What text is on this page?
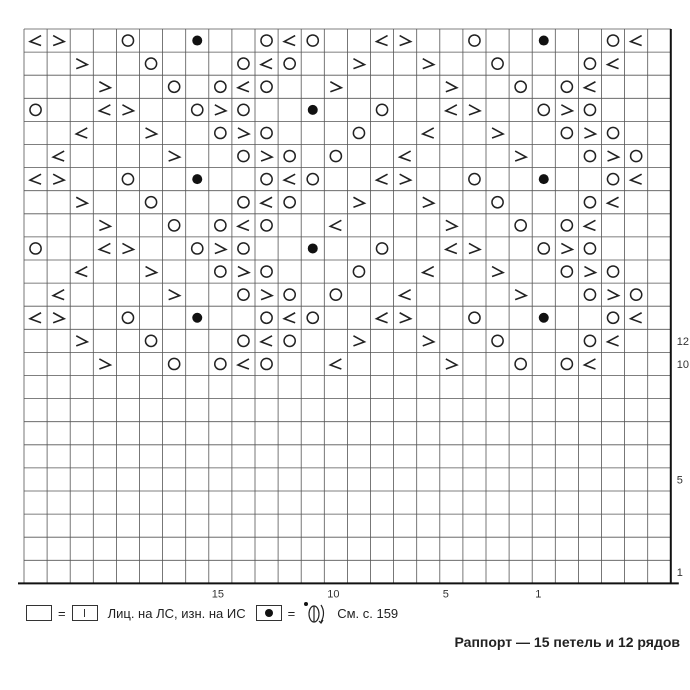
1
5
10
12
15	10	5	1
=	Лиц. на ЛС, изн. на ИС	=	См. с. 159
Раппорт — 15 петель и 12 рядов
